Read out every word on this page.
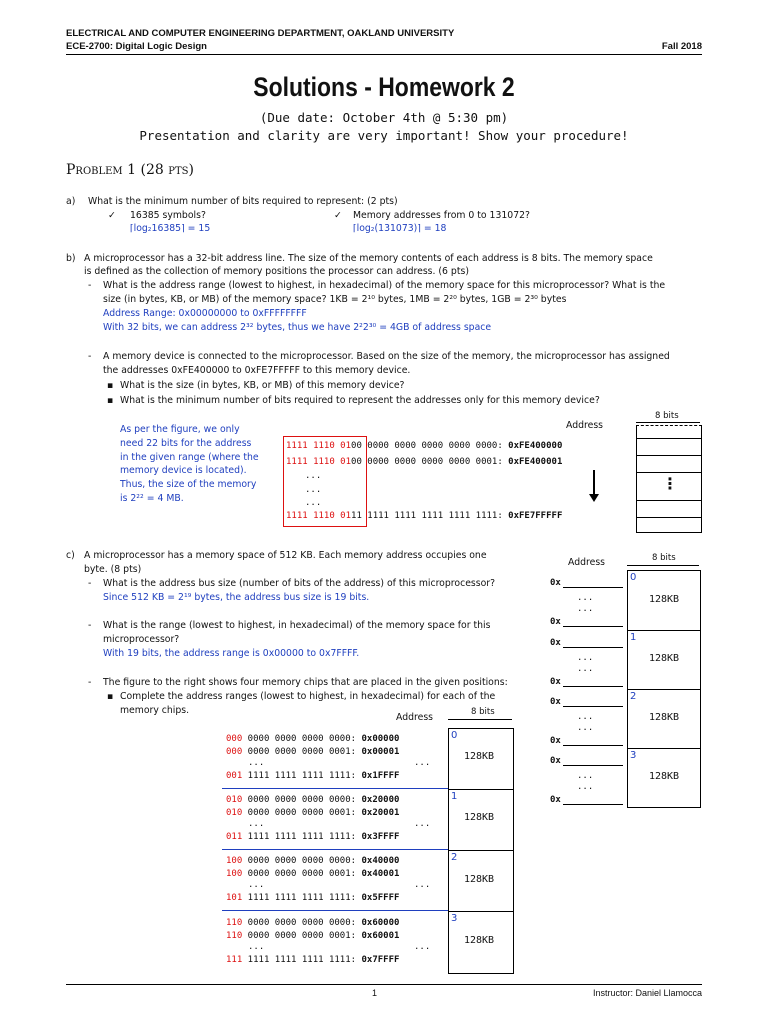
ELECTRICAL AND COMPUTER ENGINEERING DEPARTMENT, OAKLAND UNIVERSITY
ECE-2700: Digital Logic Design	Fall 2018
Solutions - Homework 2
(Due date: October 4th @ 5:30 pm)
Presentation and clarity are very important! Show your procedure!
Problem 1 (28 pts)
a) What is the minimum number of bits required to represent: (2 pts)
✓ 16385 symbols?	✓ Memory addresses from 0 to 131072?
⌈log₂16385⌉ = 15	⌈log₂(131073)⌉ = 18
b) A microprocessor has a 32-bit address line. The size of the memory contents of each address is 8 bits. The memory space
is defined as the collection of memory positions the processor can address. (6 pts)
- What is the address range (lowest to highest, in hexadecimal) of the memory space for this microprocessor? What is the
size (in bytes, KB, or MB) of the memory space? 1KB = 2¹⁰ bytes, 1MB = 2²⁰ bytes, 1GB = 2³⁰ bytes
Address Range: 0x00000000 to 0xFFFFFFFF
With 32 bits, we can address 2³² bytes, thus we have 2²2³⁰ = 4GB of address space
- A memory device is connected to the microprocessor. Based on the size of the memory, the microprocessor has assigned
the addresses 0xFE400000 to 0xFE7FFFFF to this memory device.
▪ What is the size (in bytes, KB, or MB) of this memory device?
▪ What is the minimum number of bits required to represent the addresses only for this memory device?
As per the figure, we only
need 22 bits for the address
in the given range (where the
memory device is located).
Thus, the size of the memory
is 2²² = 4 MB.
1111 1110 0100 0000 0000 0000 0000 0000: 0xFE400000
1111 1110 0100 0000 0000 0000 0000 0001: 0xFE400001
...
...
...
1111 1110 0111 1111 1111 1111 1111 1111: 0xFE7FFFFF
Address
8 bits
⋮
c) A microprocessor has a memory space of 512 KB. Each memory address occupies one
byte. (8 pts)
- What is the address bus size (number of bits of the address) of this microprocessor?
Since 512 KB = 2¹⁹ bytes, the address bus size is 19 bits.
- What is the range (lowest to highest, in hexadecimal) of the memory space for this
microprocessor?
With 19 bits, the address range is 0x00000 to 0x7FFFF.
- The figure to the right shows four memory chips that are placed in the given positions:
▪ Complete the address ranges (lowest to highest, in hexadecimal) for each of the
memory chips.
Address	8 bits
0
1
2
3
128KB
128KB
128KB
128KB
0x
...
...
0x
0x
...
...
0x
0x
...
...
0x
0x
...
...
0x
Address	8 bits
0
1
2
3
128KB
128KB
128KB
128KB
000 0000 0000 0000 0000: 0x00000
000 0000 0000 0000 0001: 0x00001
...	...
001 1111 1111 1111 1111: 0x1FFFF
010 0000 0000 0000 0000: 0x20000
010 0000 0000 0000 0001: 0x20001
...	...
011 1111 1111 1111 1111: 0x3FFFF
100 0000 0000 0000 0000: 0x40000
100 0000 0000 0000 0001: 0x40001
...	...
101 1111 1111 1111 1111: 0x5FFFF
110 0000 0000 0000 0000: 0x60000
110 0000 0000 0000 0001: 0x60001
...	...
111 1111 1111 1111 1111: 0x7FFFF
1	Instructor: Daniel Llamocca
